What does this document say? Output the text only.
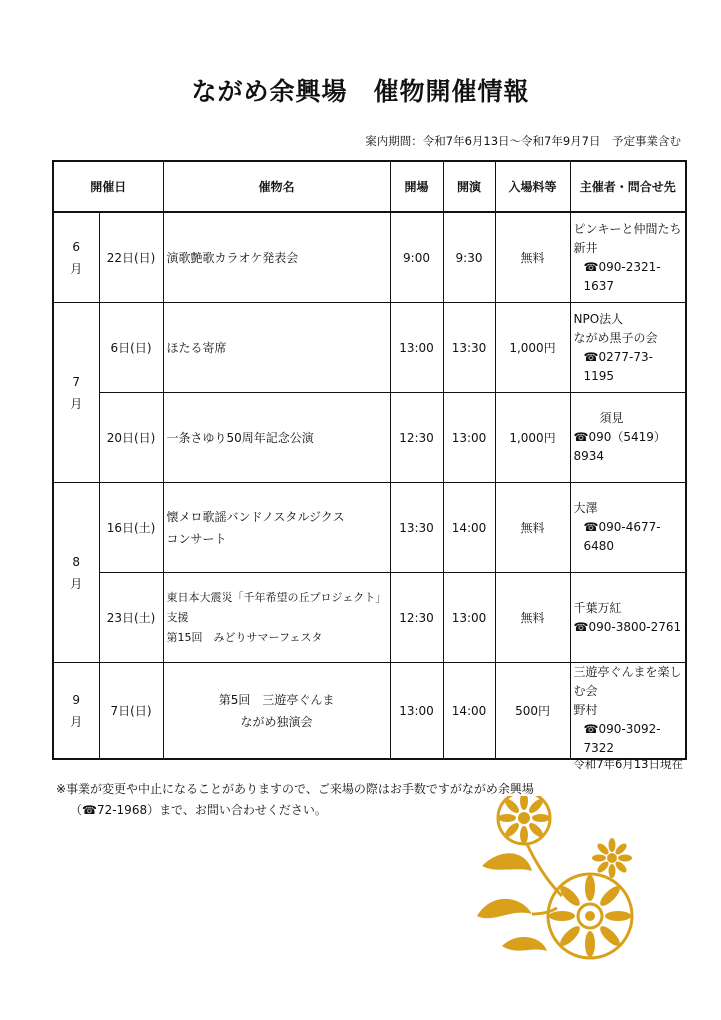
ながめ余興場　催物開催情報
案内期間：令和7年6月13日～令和7年9月7日　予定事業含む
開催日		催物名	開場	開演	入場料等	主催者・問合せ先

6
月	22日(日)	演歌艶歌カラオケ発表会	9:00	9:30	無料	ピンキーと仲間たち
新井
☎090-2321-1637

7
月	6日(日)	ほたる寄席	13:00	13:30	1,000円	NPO法人
ながめ黒子の会
☎0277-73-1195

	20日(日)	一条さゆり50周年記念公演	12:30	13:00	1,000円	須見
☎090（5419）8934

8
月	16日(土)	懐メロ歌謡バンドノスタルジクス
コンサート	13:30	14:00	無料	大澤
☎090-4677-6480

	23日(土)	東日本大震災「千年希望の丘プロジェクト」
支援
第15回　みどりサマーフェスタ	12:30	13:00	無料	千葉万紅
☎090-3800-2761

9
月	7日(日)	第5回　三遊亭ぐんま
ながめ独演会	13:00	14:00	500円	三遊亭ぐんまを楽しむ会
野村
☎090-3092-7322
令和7年6月13日現在
※事業が変更や中止になることがありますので、ご来場の際はお手数ですがながめ余興場
（☎72-1968）まで、お問い合わせください。
